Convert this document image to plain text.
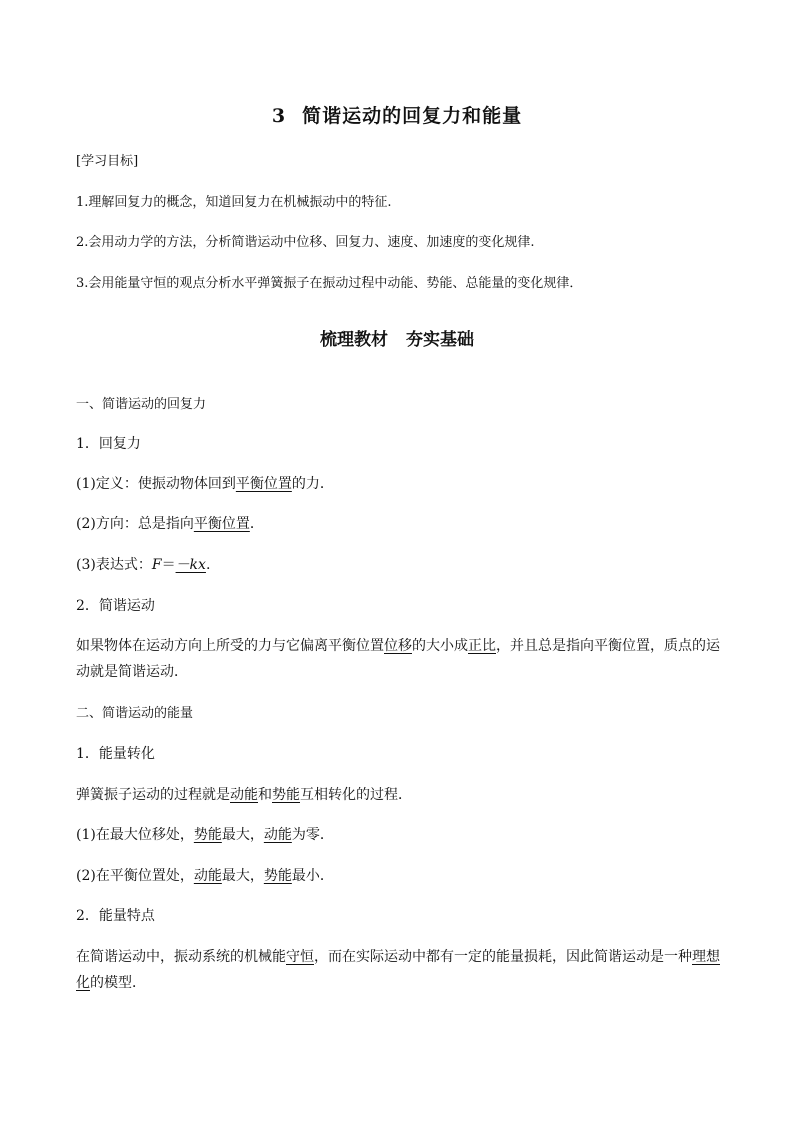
3 简谐运动的回复力和能量
[学习目标]
1.理解回复力的概念，知道回复力在机械振动中的特征.
2.会用动力学的方法，分析简谐运动中位移、回复力、速度、加速度的变化规律.
3.会用能量守恒的观点分析水平弹簧振子在振动过程中动能、势能、总能量的变化规律．
梳理教材 夯实基础
一、简谐运动的回复力
1．回复力
(1)定义：使振动物体回到平衡位置的力．
(2)方向：总是指向平衡位置．
(3)表达式：F＝－kx.
2．简谐运动
如果物体在运动方向上所受的力与它偏离平衡位置位移的大小成正比，并且总是指向平衡位置，质点的运
动就是简谐运动．
二、简谐运动的能量
1．能量转化
弹簧振子运动的过程就是动能和势能互相转化的过程．
(1)在最大位移处，势能最大，动能为零．
(2)在平衡位置处，动能最大，势能最小．
2．能量特点
在简谐运动中，振动系统的机械能守恒，而在实际运动中都有一定的能量损耗，因此简谐运动是一种理想
化的模型．
